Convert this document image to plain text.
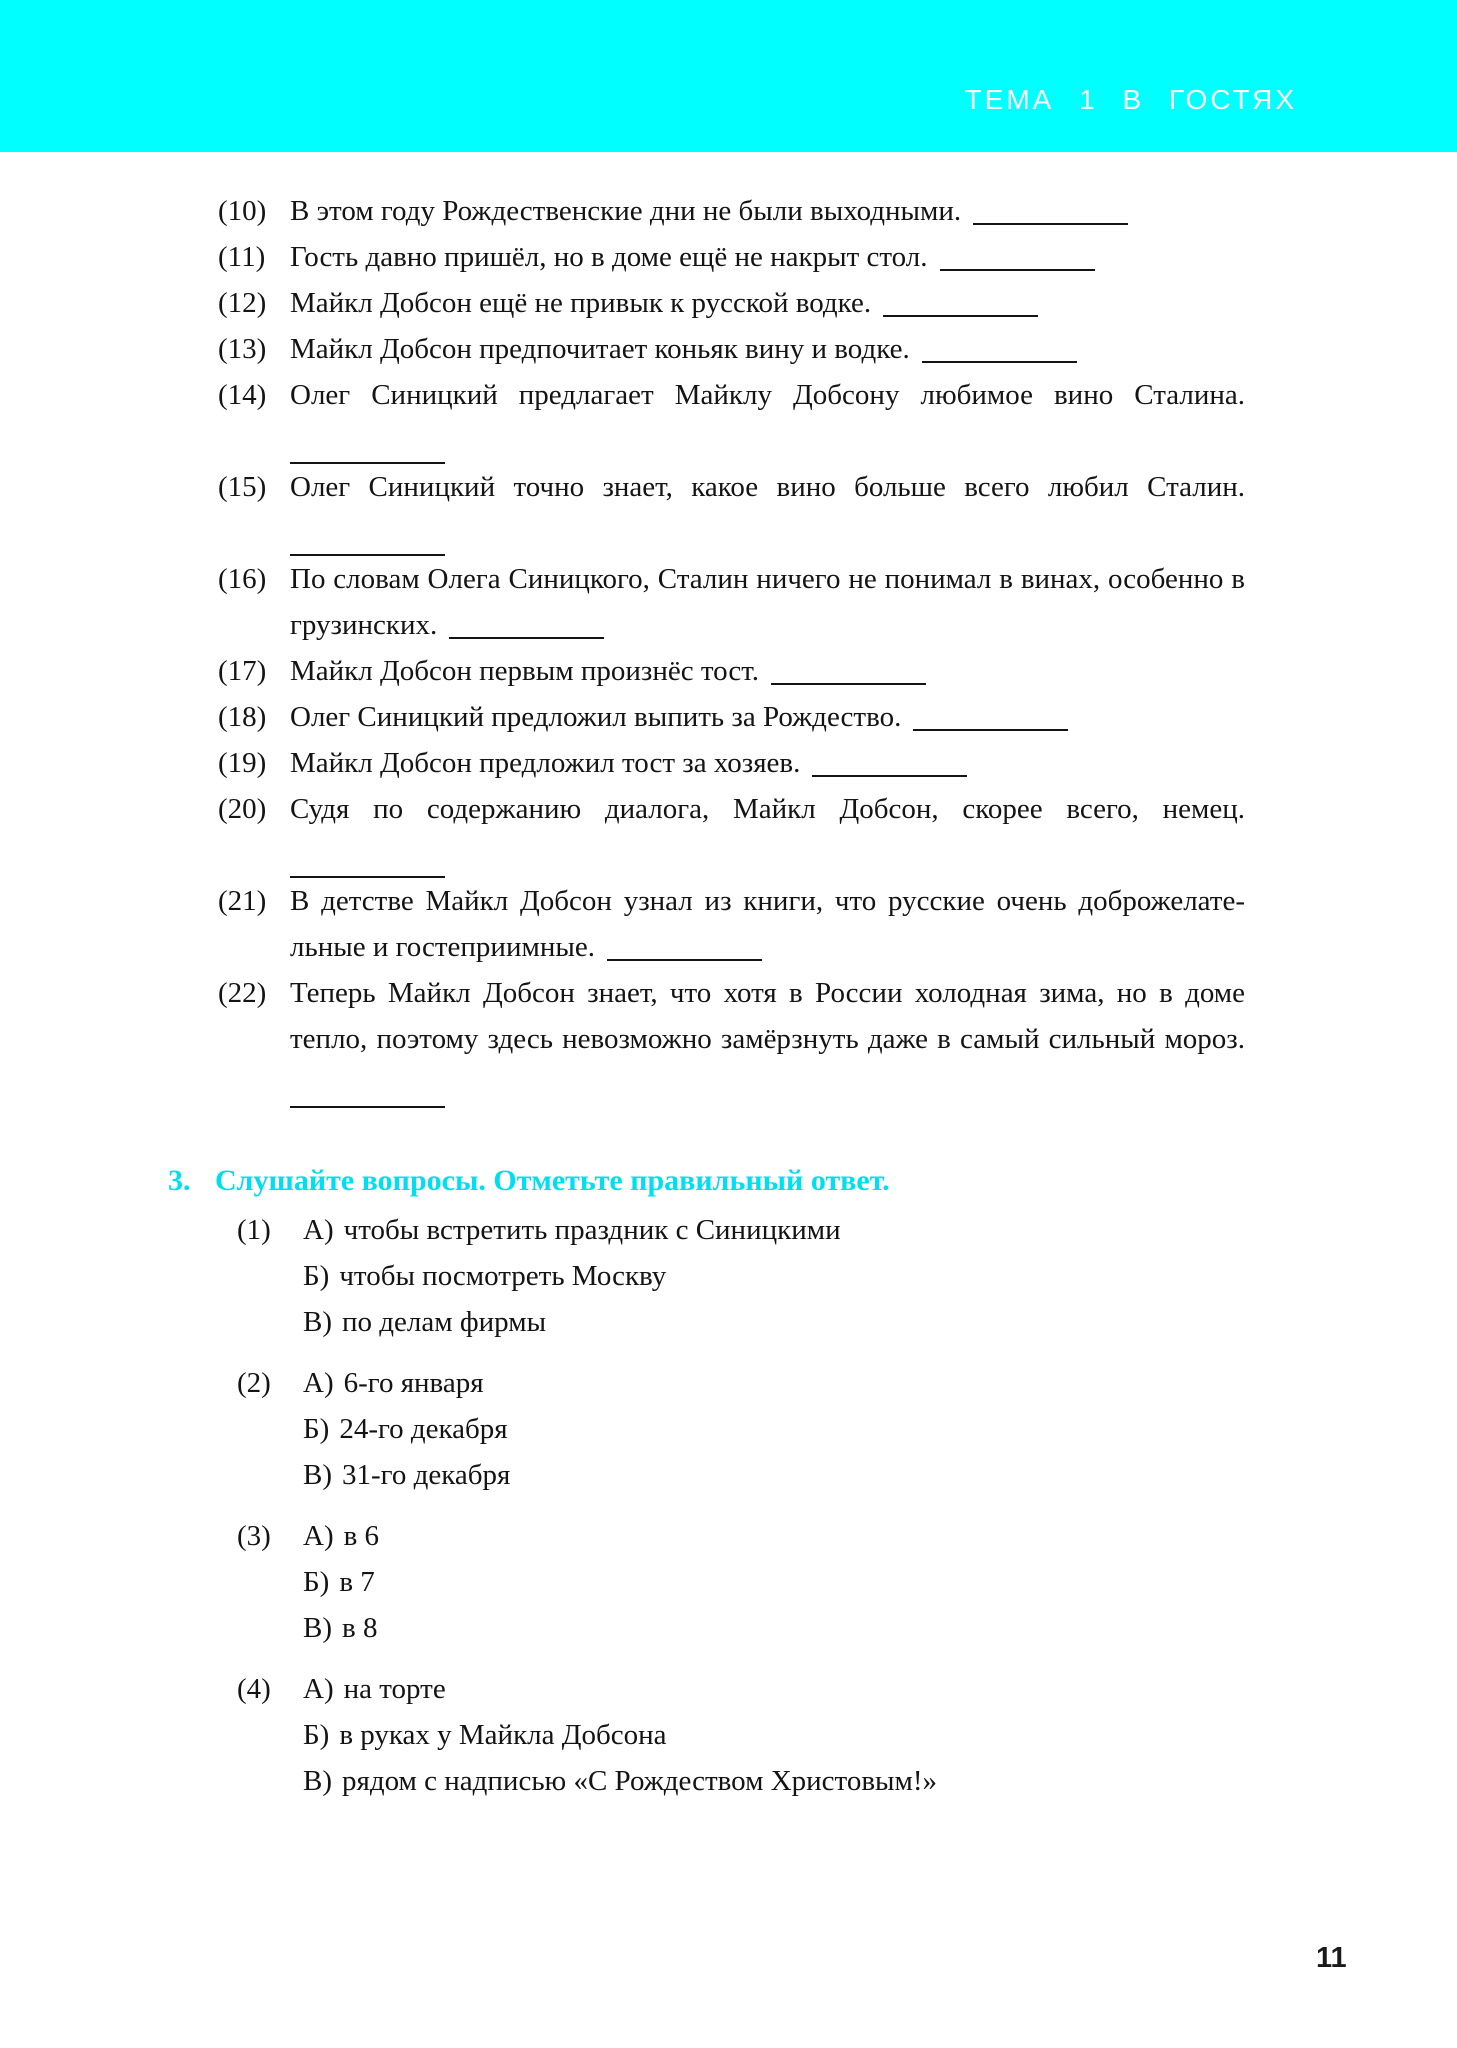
ТЕМА 1 В ГОСТЯХ
(10) В этом году Рождественские дни не были выходными.

(11) Гость давно пришёл, но в доме ещё не накрыт стол.

(12) Майкл Добсон ещё не привык к русской водке.

(13) Майкл Добсон предпочитает коньяк вину и водке.

(14) Олег Синицкий предлагает Майклу Добсону любимое вино Сталина.

(15) Олег Синицкий точно знает, какое вино больше всего любил Сталин.

(16) По словам Олега Синицкого, Сталин ничего не понимал в винах, особенно в грузинских.

(17) Майкл Добсон первым произнёс тост.

(18) Олег Синицкий предложил выпить за Рождество.

(19) Майкл Добсон предложил тост за хозяев.

(20) Судя по содержанию диалога, Майкл Добсон, скорее всего, немец.

(21) В детстве Майкл Добсон узнал из книги, что русские очень доброжелате-льные и гостеприимные.

(22) Теперь Майкл Добсон знает, что хотя в России холодная зима, но в доме тепло, поэтому здесь невозможно замёрзнуть даже в самый сильный мороз.

3. Слушайте вопросы. Отметьте правильный ответ.
(1) А) чтобы встретить праздник с Синицкими
Б) чтобы посмотреть Москву
В) по делам фирмы
(2) А) 6-го января
Б) 24-го декабря
В) 31-го декабря
(3) А) в 6
Б) в 7
В) в 8
(4) А) на торте
Б) в руках у Майкла Добсона
В) рядом с надписью «С Рождеством Христовым!»
11
